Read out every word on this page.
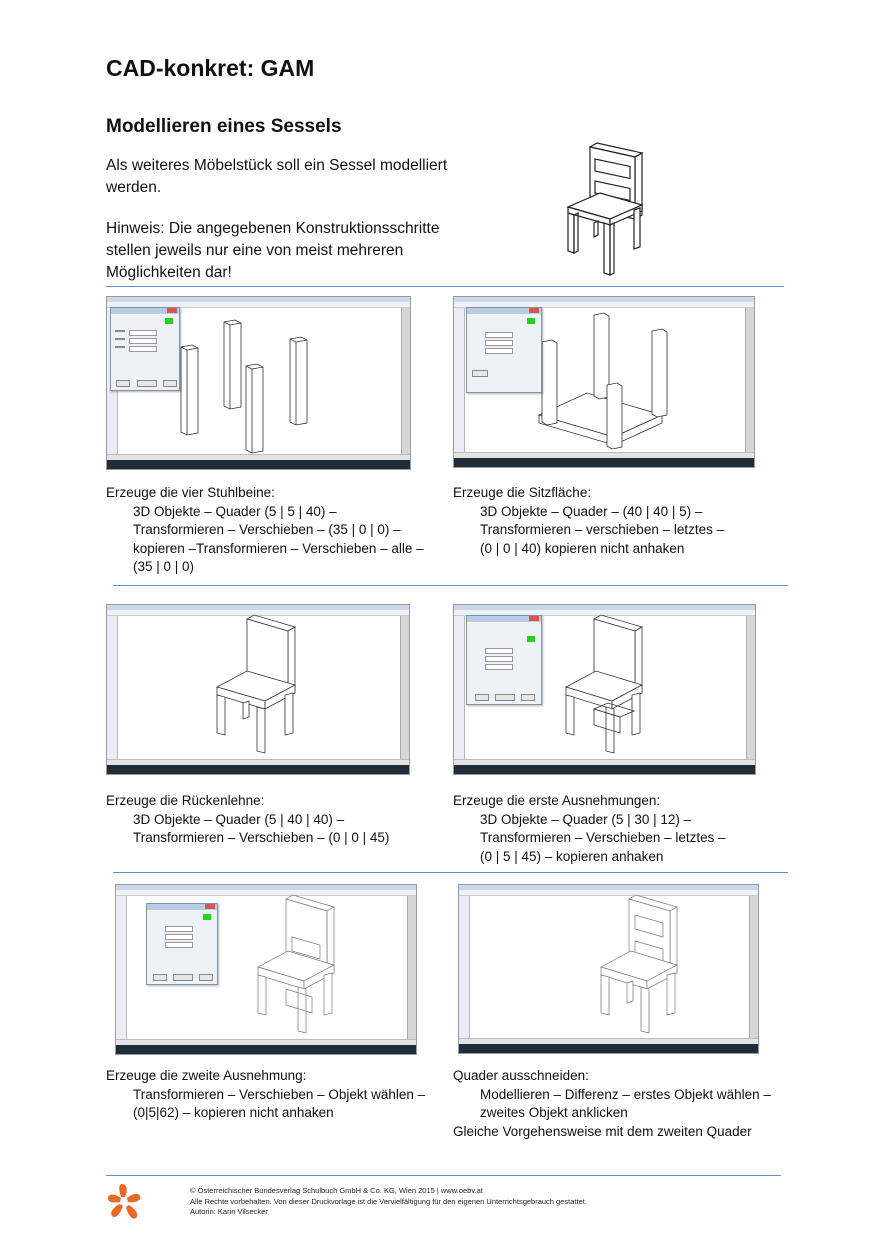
CAD-konkret: GAM
Modellieren eines Sessels
Als weiteres Möbelstück soll ein Sessel modelliert
werden.
Hinweis: Die angegebenen Konstruktionsschritte
stellen jeweils nur eine von meist mehreren
Möglichkeiten dar!
Erzeuge die vier Stuhlbeine:
3D Objekte – Quader (5 | 5 | 40) –
Transformieren – Verschieben – (35 | 0 | 0) –
kopieren –Transformieren – Verschieben – alle –
(35 | 0 | 0)
Erzeuge die Sitzfläche:
3D Objekte – Quader – (40 | 40 | 5) –
Transformieren – verschieben – letztes –
(0 | 0 | 40) kopieren nicht anhaken
Erzeuge die Rückenlehne:
3D Objekte – Quader (5 | 40 | 40) –
Transformieren – Verschieben – (0 | 0 | 45)
Erzeuge die erste Ausnehmungen:
3D Objekte – Quader (5 | 30 | 12) –
Transformieren – Verschieben – letztes –
(0 | 5 | 45) – kopieren anhaken
Erzeuge die zweite Ausnehmung:
Transformieren – Verschieben – Objekt wählen –
(0|5|62) – kopieren nicht anhaken
Quader ausschneiden:
Modellieren – Differenz – erstes Objekt wählen –
zweites Objekt anklicken
Gleiche Vorgehensweise mit dem zweiten Quader
© Österreichischer Bundesverlag Schulbuch GmbH & Co. KG, Wien 2015 | www.oebv.at
Alle Rechte vorbehalten. Von dieser Druckvorlage ist die Vervielfältigung für den eigenen Unterrichtsgebrauch gestattet.
Autorin: Karin Vilsecker
